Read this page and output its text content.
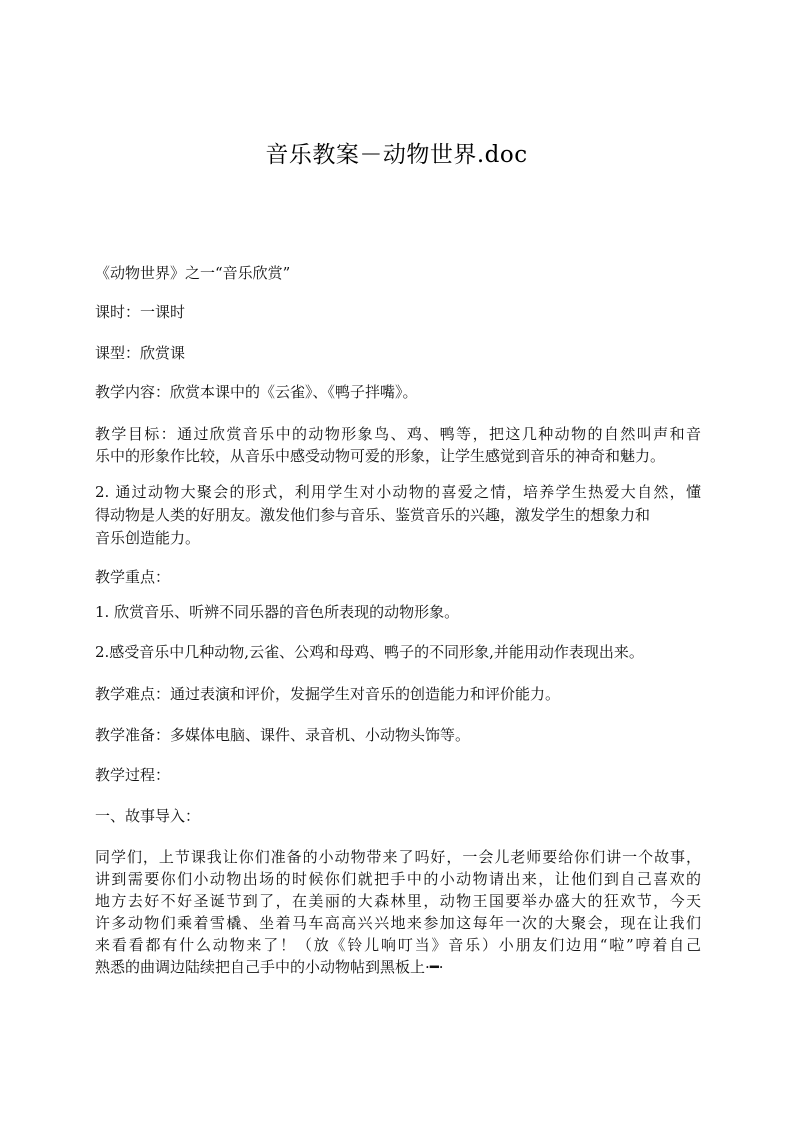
音乐教案－动物世界.doc
《动物世界》之一“音乐欣赏”
课时：一课时
课型：欣赏课
教学内容：欣赏本课中的《云雀》、《鸭子拌嘴》。
教学目标：通过欣赏音乐中的动物形象鸟、鸡、鸭等，把这几种动物的自然叫声和音
乐中的形象作比较，从音乐中感受动物可爱的形象，让学生感觉到音乐的神奇和魅力。
2. 通过动物大聚会的形式，利用学生对小动物的喜爱之情，培养学生热爱大自然，懂
得动物是人类的好朋友。激发他们参与音乐、鉴赏音乐的兴趣，激发学生的想象力和
音乐创造能力。
教学重点：
1. 欣赏音乐、听辨不同乐器的音色所表现的动物形象。
2.感受音乐中几种动物,云雀、公鸡和母鸡、鸭子的不同形象,并能用动作表现出来。
教学难点：通过表演和评价，发掘学生对音乐的创造能力和评价能力。
教学准备：多媒体电脑、课件、录音机、小动物头饰等。
教学过程：
一、故事导入：
同学们，上节课我让你们准备的小动物带来了吗好，一会儿老师要给你们讲一个故事，
讲到需要你们小动物出场的时候你们就把手中的小动物请出来，让他们到自己喜欢的
地方去好不好圣诞节到了，在美丽的大森林里，动物王国要举办盛大的狂欢节，今天
许多动物们乘着雪橇、坐着马车高高兴兴地来参加这每年一次的大聚会，现在让我们
来看看都有什么动物来了！（放《铃儿响叮当》音乐）小朋友们边用“啦”哼着自己
熟悉的曲调边陆续把自己手中的小动物帖到黑板上·━·
